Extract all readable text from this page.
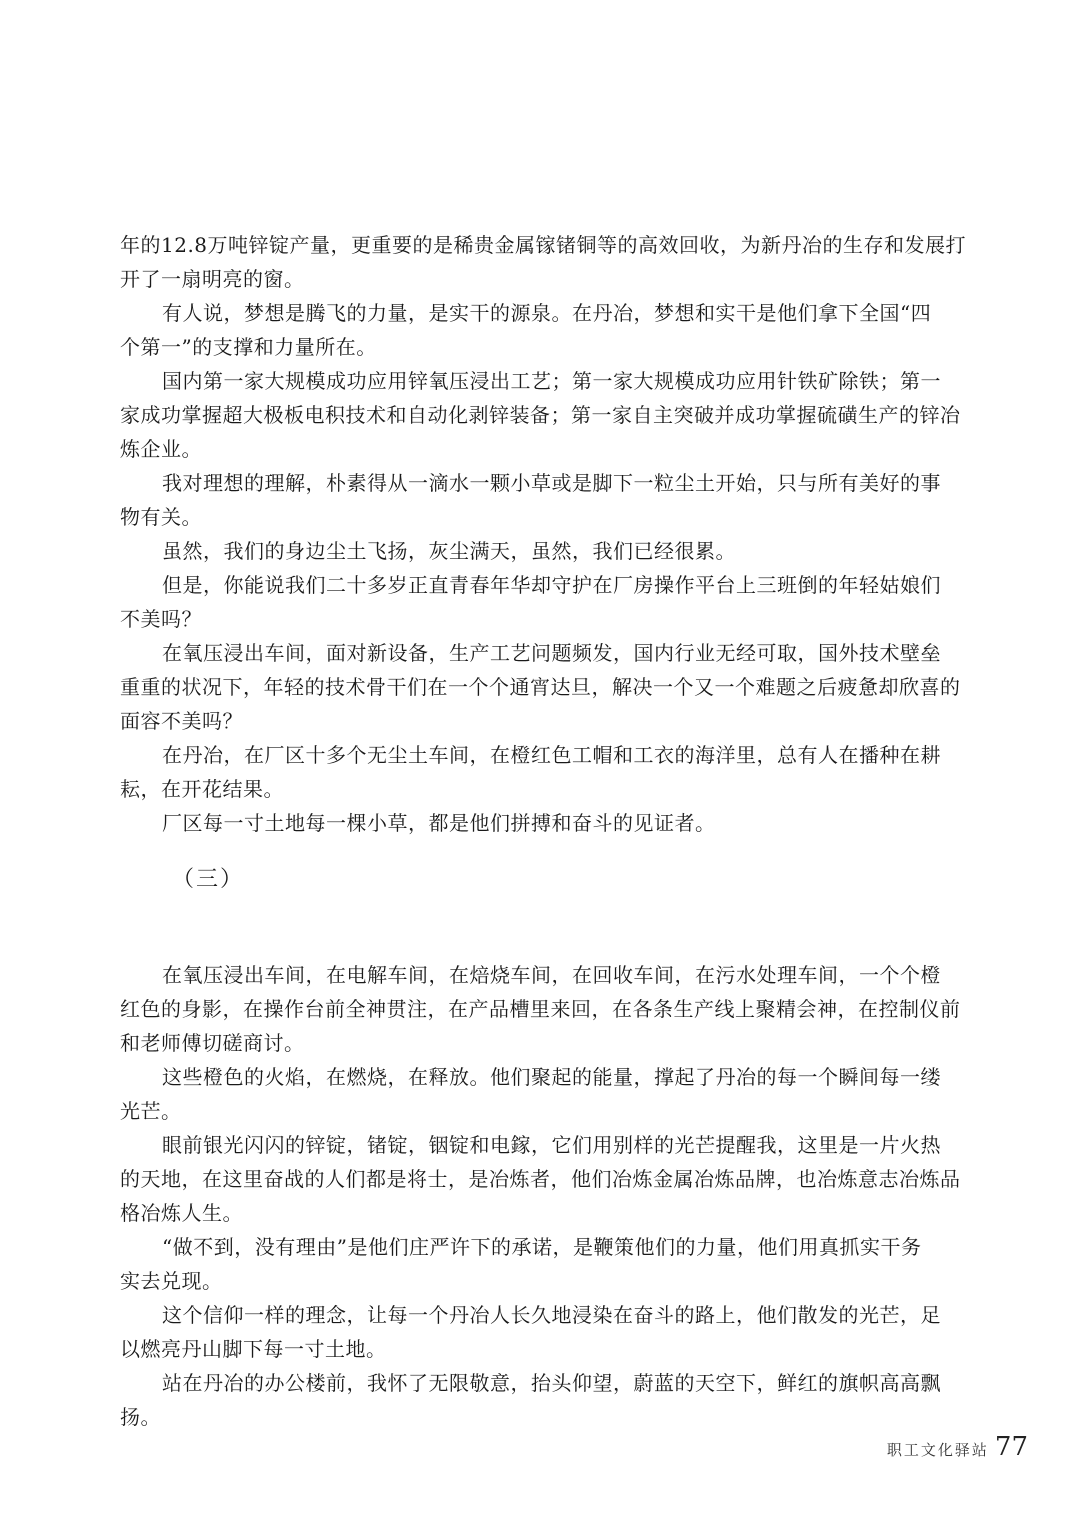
年的12.8万吨锌锭产量，更重要的是稀贵金属镓锗铜等的高效回收，为新丹冶的生存和发展打
开了一扇明亮的窗。
有人说，梦想是腾飞的力量，是实干的源泉。在丹冶，梦想和实干是他们拿下全国“四
个第一”的支撑和力量所在。
国内第一家大规模成功应用锌氧压浸出工艺；第一家大规模成功应用针铁矿除铁；第一
家成功掌握超大极板电积技术和自动化剥锌装备；第一家自主突破并成功掌握硫磺生产的锌冶
炼企业。
我对理想的理解，朴素得从一滴水一颗小草或是脚下一粒尘土开始，只与所有美好的事
物有关。
虽然，我们的身边尘土飞扬，灰尘满天，虽然，我们已经很累。
但是，你能说我们二十多岁正直青春年华却守护在厂房操作平台上三班倒的年轻姑娘们
不美吗？
在氧压浸出车间，面对新设备，生产工艺问题频发，国内行业无经可取，国外技术壁垒
重重的状况下，年轻的技术骨干们在一个个通宵达旦，解决一个又一个难题之后疲惫却欣喜的
面容不美吗？
在丹冶，在厂区十多个无尘土车间，在橙红色工帽和工衣的海洋里，总有人在播种在耕
耘，在开花结果。
厂区每一寸土地每一棵小草，都是他们拼搏和奋斗的见证者。
（三）
在氧压浸出车间，在电解车间，在焙烧车间，在回收车间，在污水处理车间，一个个橙
红色的身影，在操作台前全神贯注，在产品槽里来回，在各条生产线上聚精会神，在控制仪前
和老师傅切磋商讨。
这些橙色的火焰，在燃烧，在释放。他们聚起的能量，撑起了丹冶的每一个瞬间每一缕
光芒。
眼前银光闪闪的锌锭，锗锭，铟锭和电鎵，它们用别样的光芒提醒我，这里是一片火热
的天地，在这里奋战的人们都是将士，是冶炼者，他们冶炼金属冶炼品牌，也冶炼意志冶炼品
格冶炼人生。
“做不到，没有理由”是他们庄严许下的承诺，是鞭策他们的力量，他们用真抓实干务
实去兑现。
这个信仰一样的理念，让每一个丹冶人长久地浸染在奋斗的路上，他们散发的光芒，足
以燃亮丹山脚下每一寸土地。
站在丹冶的办公楼前，我怀了无限敬意，抬头仰望，蔚蓝的天空下，鲜红的旗帜高高飘
扬。
职工文化驿站 77
